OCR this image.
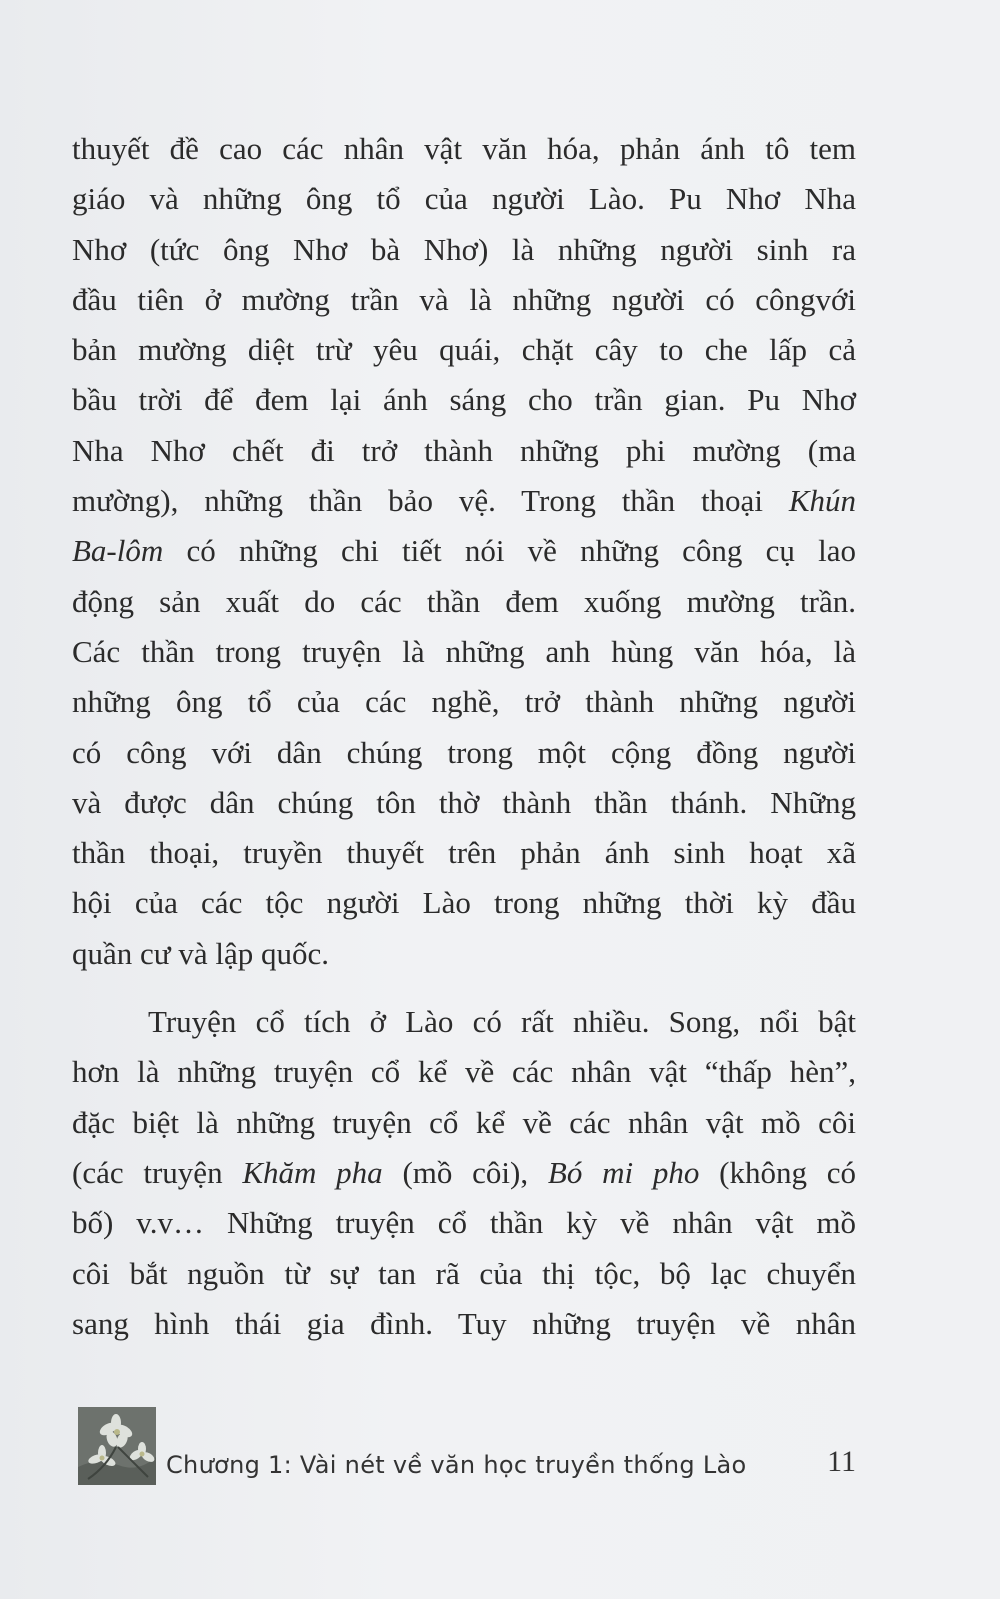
thuyết đề cao các nhân vật văn hóa, phản ánh tô tem
giáo và những ông tổ của người Lào. Pu Nhơ Nha
Nhơ (tức ông Nhơ bà Nhơ) là những người sinh ra
đầu tiên ở mường trần và là những người có côngvới
bản mường diệt trừ yêu quái, chặt cây to che lấp cả
bầu trời để đem lại ánh sáng cho trần gian. Pu Nhơ
Nha Nhơ chết đi trở thành những phi mường (ma
mường), những thần bảo vệ. Trong thần thoại Khún
Ba-lôm có những chi tiết nói về những công cụ lao
động sản xuất do các thần đem xuống mường trần.
Các thần trong truyện là những anh hùng văn hóa, là
những ông tổ của các nghề, trở thành những người
có công với dân chúng trong một cộng đồng người
và được dân chúng tôn thờ thành thần thánh. Những
thần thoại, truyền thuyết trên phản ánh sinh hoạt xã
hội của các tộc người Lào trong những thời kỳ đầu
quần cư và lập quốc.
Truyện cổ tích ở Lào có rất nhiều. Song, nổi bật
hơn là những truyện cổ kể về các nhân vật “thấp hèn”,
đặc biệt là những truyện cổ kể về các nhân vật mồ côi
(các truyện Khăm pha (mồ côi), Bó mi pho (không có
bố) v.v… Những truyện cổ thần kỳ về nhân vật mồ
côi bắt nguồn từ sự tan rã của thị tộc, bộ lạc chuyển
sang hình thái gia đình. Tuy những truyện về nhân
Chương 1: Vài nét về văn học truyền thống Lào	11
